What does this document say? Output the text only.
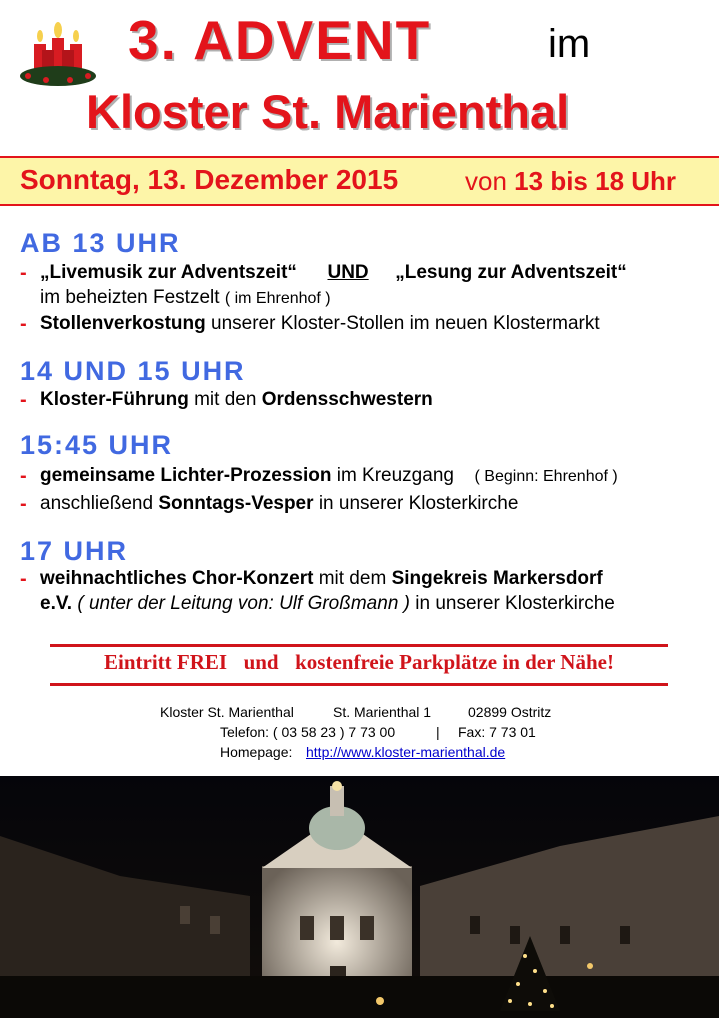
3. ADVENT	im
Kloster St. Marienthal
Sonntag, 13. Dezember 2015	von 13 bis 18 Uhr
AB 13 UHR
- „Livemusik zur Adventszeit“ UND „Lesung zur Adventszeit“
im beheizten Festzelt ( im Ehrenhof )
- Stollenverkostung unserer Kloster-Stollen im neuen Klostermarkt
14 UND 15 UHR
- Kloster-Führung mit den Ordensschwestern
15:45 UHR
- gemeinsame Lichter-Prozession im Kreuzgang ( Beginn: Ehrenhof )
- anschließend Sonntags-Vesper in unserer Klosterkirche
17 UHR
- weihnachtliches Chor-Konzert mit dem Singekreis Markersdorf
e.V. ( unter der Leitung von: Ulf Großmann ) in unserer Klosterkirche
Eintritt FREI und kostenfreie Parkplätze in der Nähe!
Kloster St. Marienthal	St. Marienthal 1	02899 Ostritz
Telefon: ( 03 58 23 ) 7 73 00	| Fax: 7 73 01
Homepage: http://www.kloster-marienthal.de
